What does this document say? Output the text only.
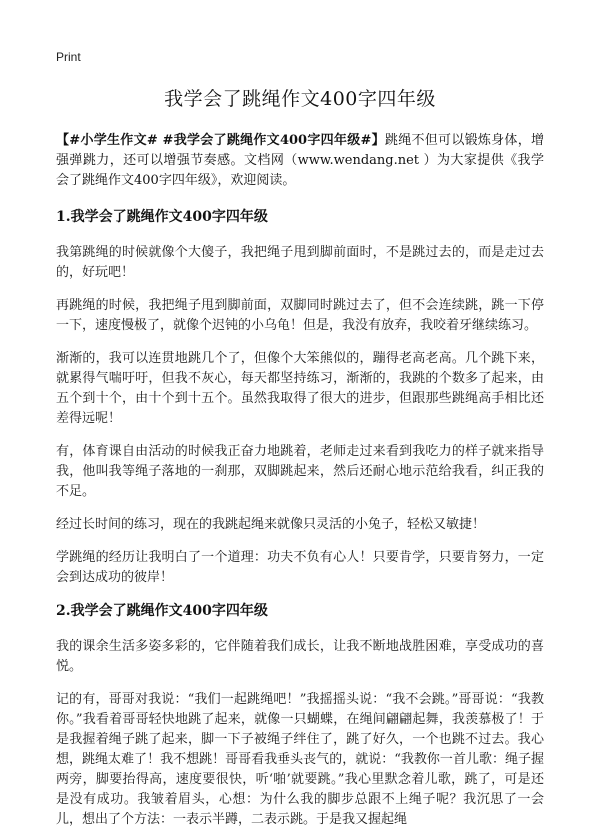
Print
我学会了跳绳作文400字四年级

【#小学生作文# #我学会了跳绳作文400字四年级#】跳绳不但可以锻炼身体，增强弹跳力，还可以增强节奏感。文档网（www.wendang.net ）为大家提供《我学会了跳绳作文400字四年级》，欢迎阅读。

1.我学会了跳绳作文400字四年级

我第跳绳的时候就像个大傻子，我把绳子甩到脚前面时，不是跳过去的，而是走过去的，好玩吧！

再跳绳的时候，我把绳子甩到脚前面，双脚同时跳过去了，但不会连续跳，跳一下停一下，速度慢极了，就像个迟钝的小乌龟！但是，我没有放弃，我咬着牙继续练习。

渐渐的，我可以连贯地跳几个了，但像个大笨熊似的，蹦得老高老高。几个跳下来，就累得气喘吁吁，但我不灰心，每天都坚持练习，渐渐的，我跳的个数多了起来，由五个到十个，由十个到十五个。虽然我取得了很大的进步，但跟那些跳绳高手相比还差得远呢！

有，体育课自由活动的时候我正奋力地跳着，老师走过来看到我吃力的样子就来指导我，他叫我等绳子落地的一刹那，双脚跳起来，然后还耐心地示范给我看，纠正我的不足。

经过长时间的练习，现在的我跳起绳来就像只灵活的小兔子，轻松又敏捷！

学跳绳的经历让我明白了一个道理：功夫不负有心人！只要肯学，只要肯努力，一定会到达成功的彼岸！

2.我学会了跳绳作文400字四年级

我的课余生活多姿多彩的，它伴随着我们成长，让我不断地战胜困难，享受成功的喜悦。

记的有，哥哥对我说：“我们一起跳绳吧！”我摇摇头说：“我不会跳。”哥哥说：“我教你。”我看着哥哥轻快地跳了起来，就像一只蝴蝶，在绳间翩翩起舞，我羡慕极了！于是我握着绳子跳了起来，脚一下子被绳子绊住了，跳了好久，一个也跳不过去。我心想，跳绳太难了！我不想跳！哥哥看我垂头丧气的，就说：“我教你一首儿歌：绳子握两旁，脚要抬得高，速度要很快，听‘啪’就要跳。”我心里默念着儿歌，跳了，可是还是没有成功。我皱着眉头，心想：为什么我的脚步总跟不上绳子呢？我沉思了一会儿，想出了个方法：一表示半蹲，二表示跳。于是我又握起绳
